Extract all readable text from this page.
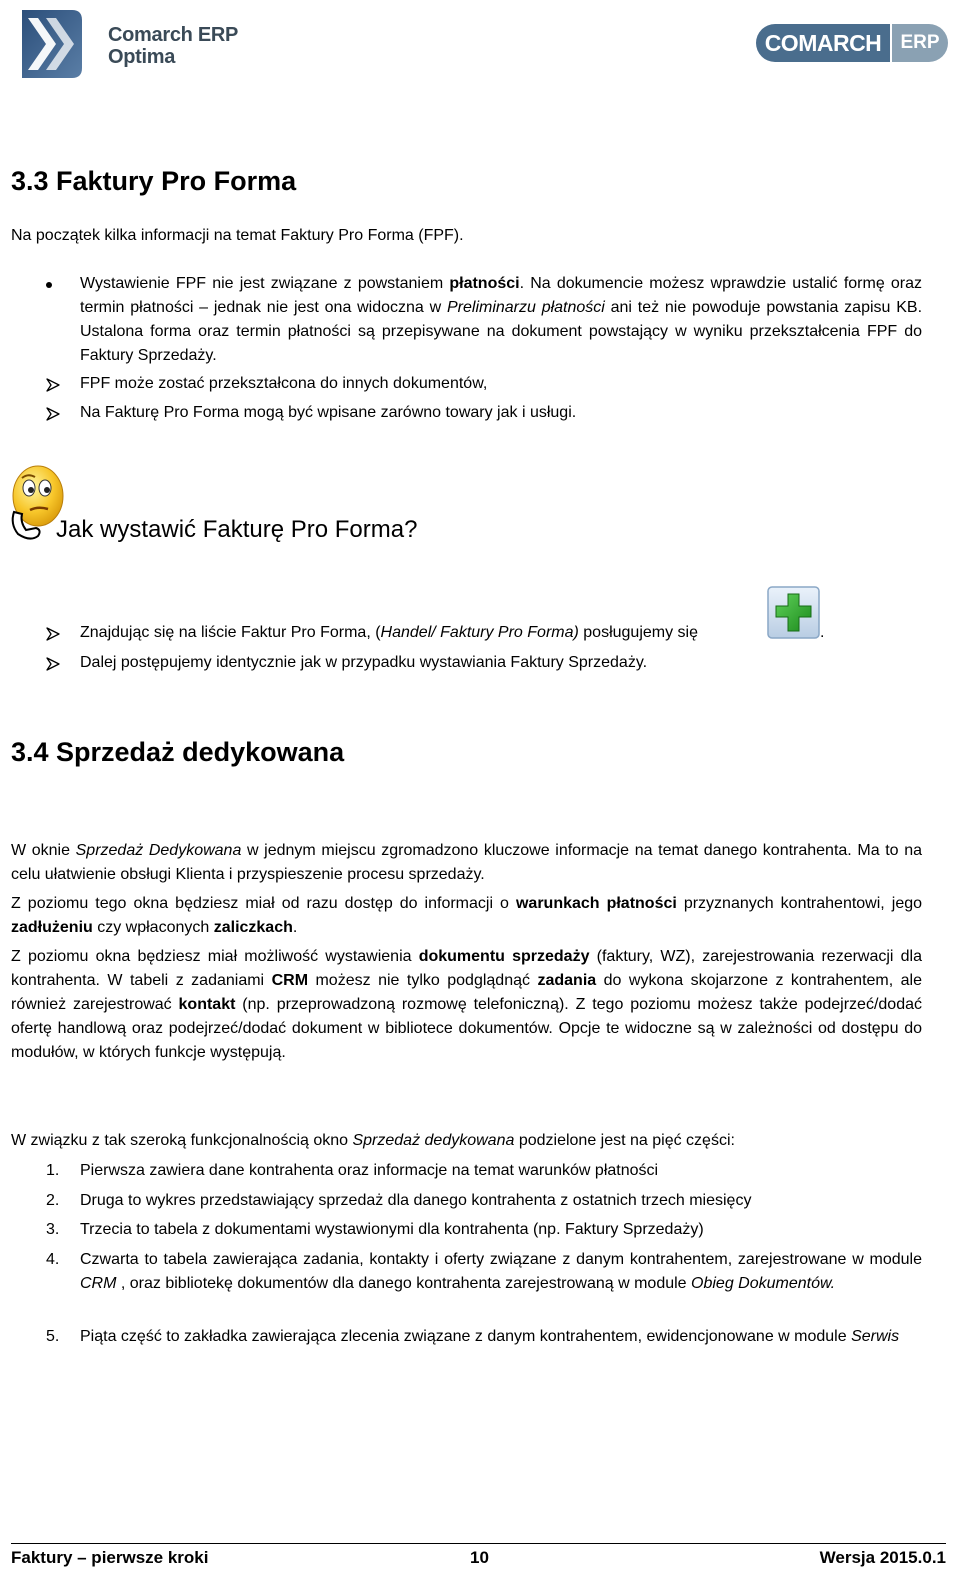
Comarch ERP
Optima
COMARCH	ERP
3.3 Faktury Pro Forma
Na początek kilka informacji na temat Faktury Pro Forma (FPF).
Wystawienie FPF nie jest związane z powstaniem płatności. Na dokumencie możesz wprawdzie ustalić formę oraz termin płatności – jednak nie jest ona widoczna w Preliminarzu płatności ani też nie powoduje powstania zapisu KB. Ustalona forma oraz termin płatności są przepisywane na dokument powstający w wyniku przekształcenia FPF do Faktury Sprzedaży.
FPF może zostać przekształcona do innych dokumentów,
Na Fakturę Pro Forma mogą być wpisane zarówno towary jak i usługi.
Jak wystawić Fakturę Pro Forma?
Znajdując się na liście Faktur Pro Forma, (Handel/ Faktury Pro Forma) posługujemy się	.
Dalej postępujemy identycznie jak w przypadku wystawiania Faktury Sprzedaży.
3.4 Sprzedaż dedykowana
W oknie Sprzedaż Dedykowana w jednym miejscu zgromadzono kluczowe informacje na temat danego kontrahenta. Ma to na celu ułatwienie obsługi Klienta i przyspieszenie procesu sprzedaży.
Z poziomu tego okna będziesz miał od razu dostęp do informacji o warunkach płatności przyznanych kontrahentowi, jego zadłużeniu czy wpłaconych zaliczkach.
Z poziomu okna będziesz miał możliwość wystawienia dokumentu sprzedaży (faktury, WZ), zarejestrowania rezerwacji dla kontrahenta. W tabeli z zadaniami CRM możesz nie tylko podglądnąć zadania do wykona skojarzone z kontrahentem, ale również zarejestrować kontakt (np. przeprowadzoną rozmowę telefoniczną). Z tego poziomu możesz także podejrzeć/dodać ofertę handlową oraz podejrzeć/dodać dokument w bibliotece dokumentów. Opcje te widoczne są w zależności od dostępu do modułów, w których funkcje występują.
W związku z tak szeroką funkcjonalnością okno Sprzedaż dedykowana podzielone jest na pięć części:
1. Pierwsza zawiera dane kontrahenta oraz informacje na temat warunków płatności
2. Druga to wykres przedstawiający sprzedaż dla danego kontrahenta z ostatnich trzech miesięcy
3. Trzecia to tabela z dokumentami wystawionymi dla kontrahenta (np. Faktury Sprzedaży)
4. Czwarta to tabela zawierająca zadania, kontakty i oferty związane z danym kontrahentem, zarejestrowane w module CRM , oraz bibliotekę dokumentów dla danego kontrahenta zarejestrowaną w module Obieg Dokumentów.
5. Piąta część to zakładka zawierająca zlecenia związane z danym kontrahentem, ewidencjonowane w module Serwis
Faktury – pierwsze kroki	10	Wersja 2015.0.1
